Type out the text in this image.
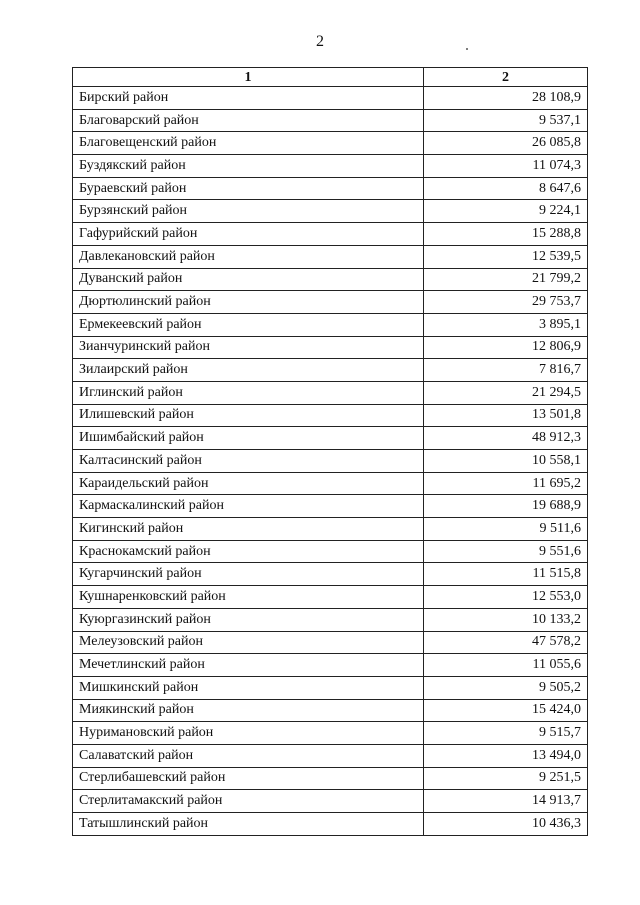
2
1	2
Бирский район	28 108,9
Благоварский район	9 537,1
Благовещенский район	26 085,8
Буздякский район	11 074,3
Бураевский район	8 647,6
Бурзянский район	9 224,1
Гафурийский район	15 288,8
Давлекановский район	12 539,5
Дуванский район	21 799,2
Дюртюлинский район	29 753,7
Ермекеевский район	3 895,1
Зианчуринский район	12 806,9
Зилаирский район	7 816,7
Иглинский район	21 294,5
Илишевский район	13 501,8
Ишимбайский район	48 912,3
Калтасинский район	10 558,1
Караидельский район	11 695,2
Кармаскалинский район	19 688,9
Кигинский район	9 511,6
Краснокамский район	9 551,6
Кугарчинский район	11 515,8
Кушнаренковский район	12 553,0
Куюргазинский район	10 133,2
Мелеузовский район	47 578,2
Мечетлинский район	11 055,6
Мишкинский район	9 505,2
Миякинский район	15 424,0
Нуримановский район	9 515,7
Салаватский район	13 494,0
Стерлибашевский район	9 251,5
Стерлитамакский район	14 913,7
Татышлинский район	10 436,3
